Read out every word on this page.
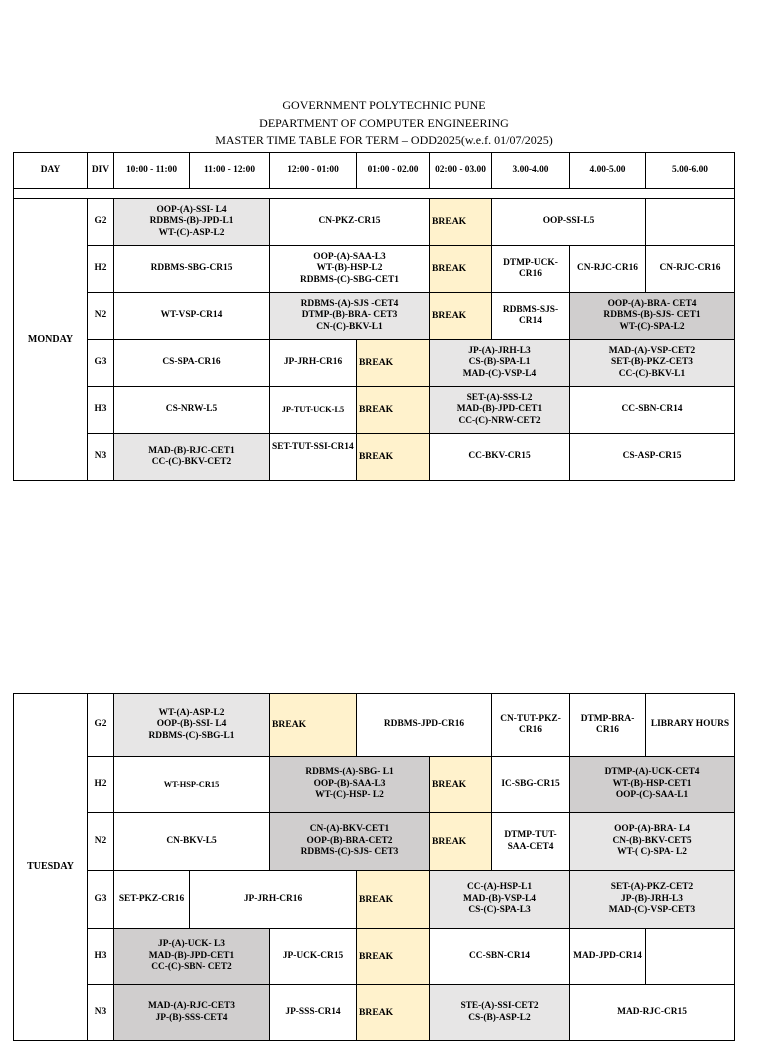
GOVERNMENT POLYTECHNIC PUNE
DEPARTMENT OF COMPUTER ENGINEERING
MASTER TIME TABLE FOR TERM – ODD2025(w.e.f. 01/07/2025)
DAY	DIV	10:00 - 11:00	11:00 - 12:00	12:00 - 01:00	01:00 - 02.00	02:00 - 03.00	3.00-4.00	4.00-5.00	5.00-6.00

MONDAY	G2	OOP-(A)-SSI- L4
RDBMS-(B)-JPD-L1
WT-(C)-ASP-L2		CN-PKZ-CR15		BREAK	OOP-SSI-L5		
	H2	RDBMS-SBG-CR15		OOP-(A)-SAA-L3
WT-(B)-HSP-L2
RDBMS-(C)-SBG-CET1		BREAK	DTMP-UCK-CR16	CN-RJC-CR16	CN-RJC-CR16
	N2	WT-VSP-CR14		RDBMS-(A)-SJS -CET4
DTMP-(B)-BRA- CET3
CN-(C)-BKV-L1		BREAK	RDBMS-SJS-CR14	OOP-(A)-BRA- CET4
RDBMS-(B)-SJS- CET1
WT-(C)-SPA-L2	
	G3	CS-SPA-CR16		JP-JRH-CR16	BREAK	JP-(A)-JRH-L3
CS-(B)-SPA-L1
MAD-(C)-VSP-L4		MAD-(A)-VSP-CET2
SET-(B)-PKZ-CET3
CC-(C)-BKV-L1	
	H3	CS-NRW-L5		JP-TUT-UCK-L5	BREAK	SET-(A)-SSS-L2
MAD-(B)-JPD-CET1
CC-(C)-NRW-CET2		CC-SBN-CR14	
	N3	MAD-(B)-RJC-CET1
CC-(C)-BKV-CET2		SET-TUT-SSI-CR14	BREAK	CC-BKV-CR15		CS-ASP-CR15	
TUESDAY	G2	WT-(A)-ASP-L2
OOP-(B)-SSI- L4
RDBMS-(C)-SBG-L1		BREAK	RDBMS-JPD-CR16		CN-TUT-PKZ-CR16	DTMP-BRA-CR16	LIBRARY HOURS
	H2	WT-HSP-CR15		RDBMS-(A)-SBG- L1
OOP-(B)-SAA-L3
WT-(C)-HSP- L2		BREAK	IC-SBG-CR15	DTMP-(A)-UCK-CET4
WT-(B)-HSP-CET1
OOP-(C)-SAA-L1	
	N2	CN-BKV-L5		CN-(A)-BKV-CET1
OOP-(B)-BRA-CET2
RDBMS-(C)-SJS- CET3		BREAK	DTMP-TUT-SAA-CET4	OOP-(A)-BRA- L4
CN-(B)-BKV-CET5
WT-( C)-SPA- L2	
	G3	SET-PKZ-CR16	JP-JRH-CR16		BREAK	CC-(A)-HSP-L1
MAD-(B)-VSP-L4
CS-(C)-SPA-L3		SET-(A)-PKZ-CET2
JP-(B)-JRH-L3
MAD-(C)-VSP-CET3	
	H3	JP-(A)-UCK- L3
MAD-(B)-JPD-CET1
CC-(C)-SBN- CET2		JP-UCK-CR15	BREAK	CC-SBN-CR14		MAD-JPD-CR14	
	N3	MAD-(A)-RJC-CET3
JP-(B)-SSS-CET4		JP-SSS-CR14	BREAK	STE-(A)-SSI-CET2
CS-(B)-ASP-L2		MAD-RJC-CR15	
